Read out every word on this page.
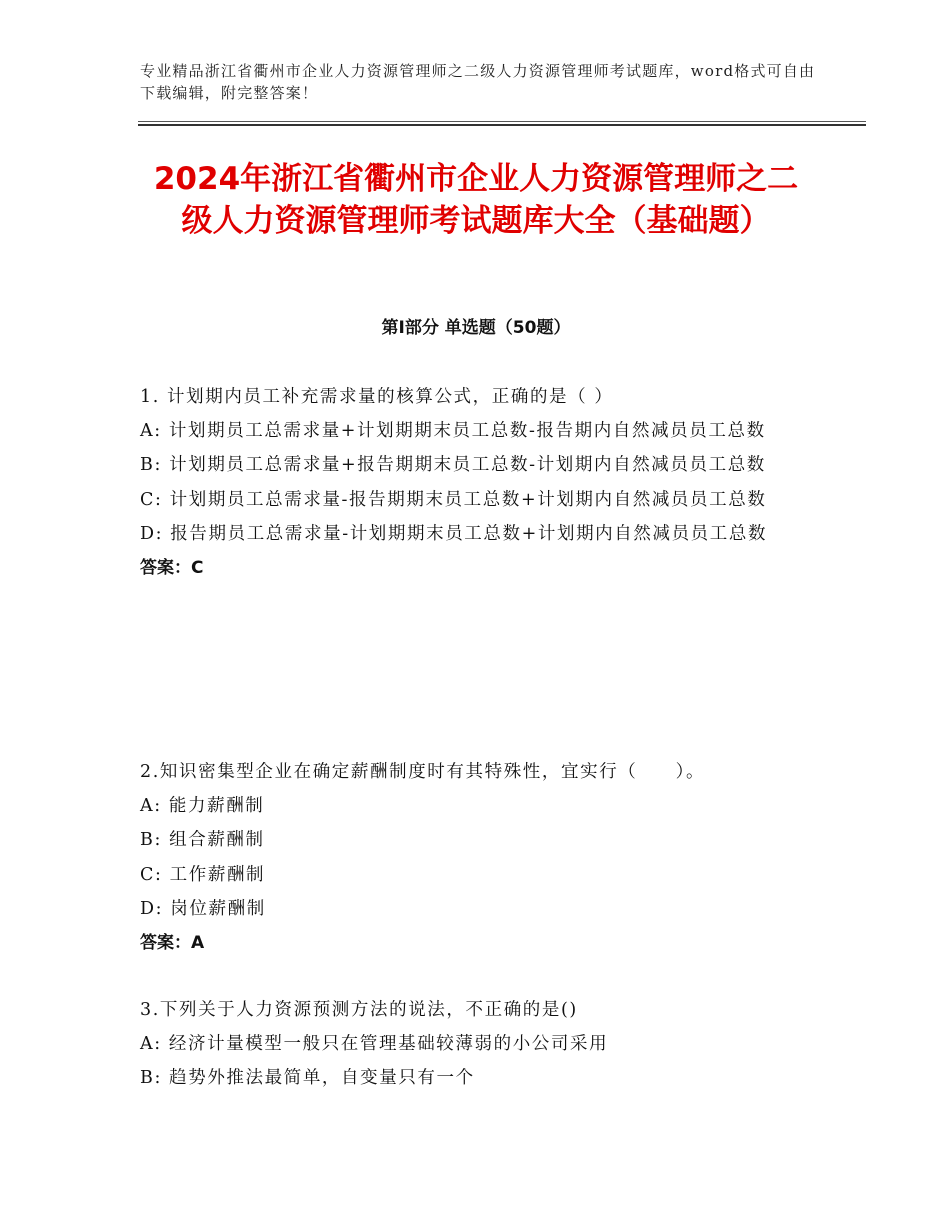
专业精品浙江省衢州市企业人力资源管理师之二级人力资源管理师考试题库，word格式可自由下载编辑，附完整答案！
2024年浙江省衢州市企业人力资源管理师之二级人力资源管理师考试题库大全（基础题）
第Ⅰ部分 单选题（50题）
1. 计划期内员工补充需求量的核算公式，正确的是（ ）
A: 计划期员工总需求量+计划期期末员工总数-报告期内自然减员员工总数
B: 计划期员工总需求量+报告期期末员工总数-计划期内自然减员员工总数
C: 计划期员工总需求量-报告期期末员工总数+计划期内自然减员员工总数
D: 报告期员工总需求量-计划期期末员工总数+计划期内自然减员员工总数
答案：C
2.知识密集型企业在确定薪酬制度时有其特殊性，宜实行（　　）。
A: 能力薪酬制
B: 组合薪酬制
C: 工作薪酬制
D: 岗位薪酬制
答案：A
3.下列关于人力资源预测方法的说法，不正确的是()
A: 经济计量模型一般只在管理基础较薄弱的小公司采用
B: 趋势外推法最简单，自变量只有一个
